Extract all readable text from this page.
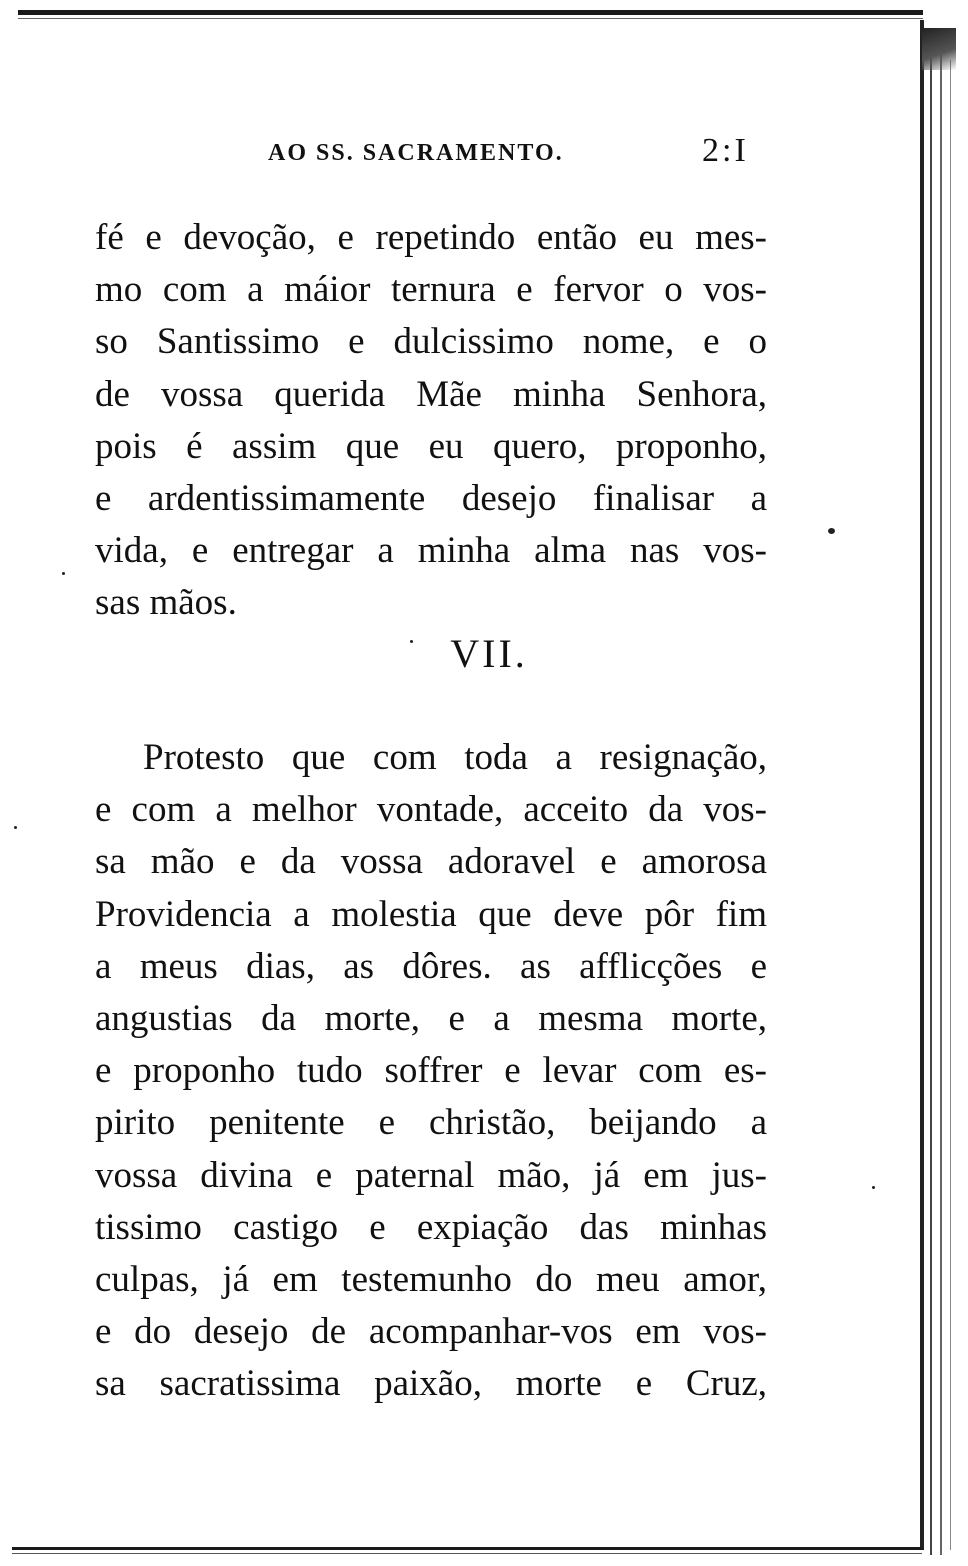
AO SS. SACRAMENTO.	2:I
fé e devoção, e repetindo então eu mes-
mo com a máior ternura e fervor o vos-
so Santissimo e dulcissimo nome, e o
de vossa querida Mãe minha Senhora,
pois é assim que eu quero, proponho,
e ardentissimamente desejo finalisar a
vida, e entregar a minha alma nas vos-
sas mãos.
VII.
Protesto que com toda a resignação,
e com a melhor vontade, acceito da vos-
sa mão e da vossa adoravel e amorosa
Providencia a molestia que deve pôr fim
a meus dias, as dôres. as afflicções e
angustias da morte, e a mesma morte,
e proponho tudo soffrer e levar com es-
pirito penitente e christão, beijando a
vossa divina e paternal mão, já em jus-
tissimo castigo e expiação das minhas
culpas, já em testemunho do meu amor,
e do desejo de acompanhar-vos em vos-
sa sacratissima paixão, morte e Cruz,
